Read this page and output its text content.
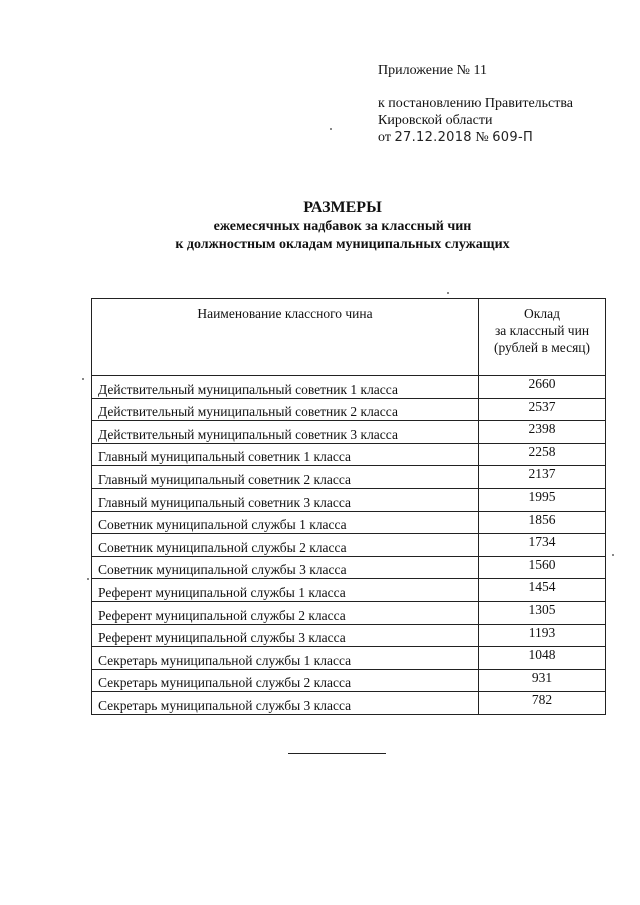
Приложение № 11
к постановлению Правительства
Кировской области
от 27.12.2018 № 609-П
РАЗМЕРЫ
ежемесячных надбавок за классный чин
к должностным окладам муниципальных служащих
Наименование классного чина	Оклад
за классный чин
(рублей в месяц)

Действительный муниципальный советник 1 класса	2660
Действительный муниципальный советник 2 класса	2537
Действительный муниципальный советник 3 класса	2398
Главный муниципальный советник 1 класса	2258
Главный муниципальный советник 2 класса	2137
Главный муниципальный советник 3 класса	1995
Советник муниципальной службы 1 класса	1856
Советник муниципальной службы 2 класса	1734
Советник муниципальной службы 3 класса	1560
Референт муниципальной службы 1 класса	1454
Референт муниципальной службы 2 класса	1305
Референт муниципальной службы 3 класса	1193
Секретарь муниципальной службы 1 класса	1048
Секретарь муниципальной службы 2 класса	931
Секретарь муниципальной службы 3 класса	782
